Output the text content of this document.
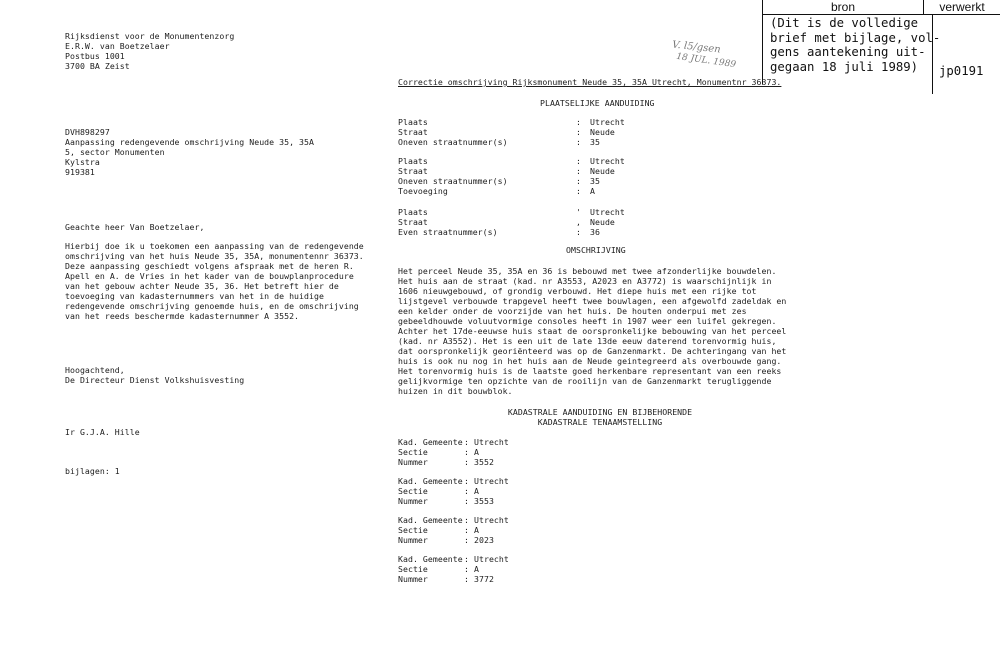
bron	verwerkt
(Dit is de volledige
brief met bijlage, vol-
gens aantekening uit-
gegaan 18 juli 1989)	jp0191
V. l5/gsen
18 JUL. 1989
Rijksdienst voor de Monumentenzorg
E.R.W. van Boetzelaer
Postbus 1001
3700 BA Zeist
DVH898297
Aanpassing redengevende omschrijving Neude 35, 35A
5, sector Monumenten
Kylstra
919381
Geachte heer Van Boetzelaer,
Hierbij doe ik u toekomen een aanpassing van de redengevende
omschrijving van het huis Neude 35, 35A, monumentennr 36373.
Deze aanpassing geschiedt volgens afspraak met de heren R.
Apell en A. de Vries in het kader van de bouwplanprocedure
van het gebouw achter Neude 35, 36. Het betreft hier de
toevoeging van kadasternummers van het in de huidige
redengevende omschrijving genoemde huis, en de omschrijving
van het reeds beschermde kadasternummer A 3552.
Hoogachtend,
De Directeur Dienst Volkshuisvesting
Ir G.J.A. Hille
bijlagen: 1
Correctie omschrijving Rijksmonument Neude 35, 35A Utrecht, Monumentnr 36373.
PLAATSELIJKE AANDUIDING
Plaats	:	Utrecht
Straat	:	Neude
Oneven straatnummer(s)	:	35
Plaats	:	Utrecht
Straat	:	Neude
Oneven straatnummer(s)	:	35
Toevoeging	:	A
Plaats	'	Utrecht
Straat	,	Neude
Even straatnummer(s)	:	36
OMSCHRIJVING
Het perceel Neude 35, 35A en 36 is bebouwd met twee afzonderlijke bouwdelen.
Het huis aan de straat (kad. nr A3553, A2023 en A3772) is waarschijnlijk in
1606 nieuwgebouwd, of grondig verbouwd. Het diepe huis met een rijke tot
lijstgevel verbouwde trapgevel heeft twee bouwlagen, een afgewolfd zadeldak en
een kelder onder de voorzijde van het huis. De houten onderpui met zes
gebeeldhouwde voluutvormige consoles heeft in 1907 weer een luifel gekregen.
Achter het 17de-eeuwse huis staat de oorspronkelijke bebouwing van het perceel
(kad. nr A3552). Het is een uit de late 13de eeuw daterend torenvormig huis,
dat oorspronkelijk georiënteerd was op de Ganzenmarkt. De achteringang van het
huis is ook nu nog in het huis aan de Neude geintegreerd als overbouwde gang.
Het torenvormig huis is de laatste goed herkenbare representant van een reeks
gelijkvormige ten opzichte van de rooilijn van de Ganzenmarkt terugliggende
huizen in dit bouwblok.
KADASTRALE AANDUIDING EN BIJBEHORENDE
KADASTRALE TENAAMSTELLING
Kad. Gemeente : Utrecht
Sectie	: A
Nummer	: 3552
Kad. Gemeente : Utrecht
Sectie	: A
Nummer	: 3553
Kad. Gemeente : Utrecht
Sectie	: A
Nummer	: 2023
Kad. Gemeente : Utrecht
Sectie	: A
Nummer	: 3772
